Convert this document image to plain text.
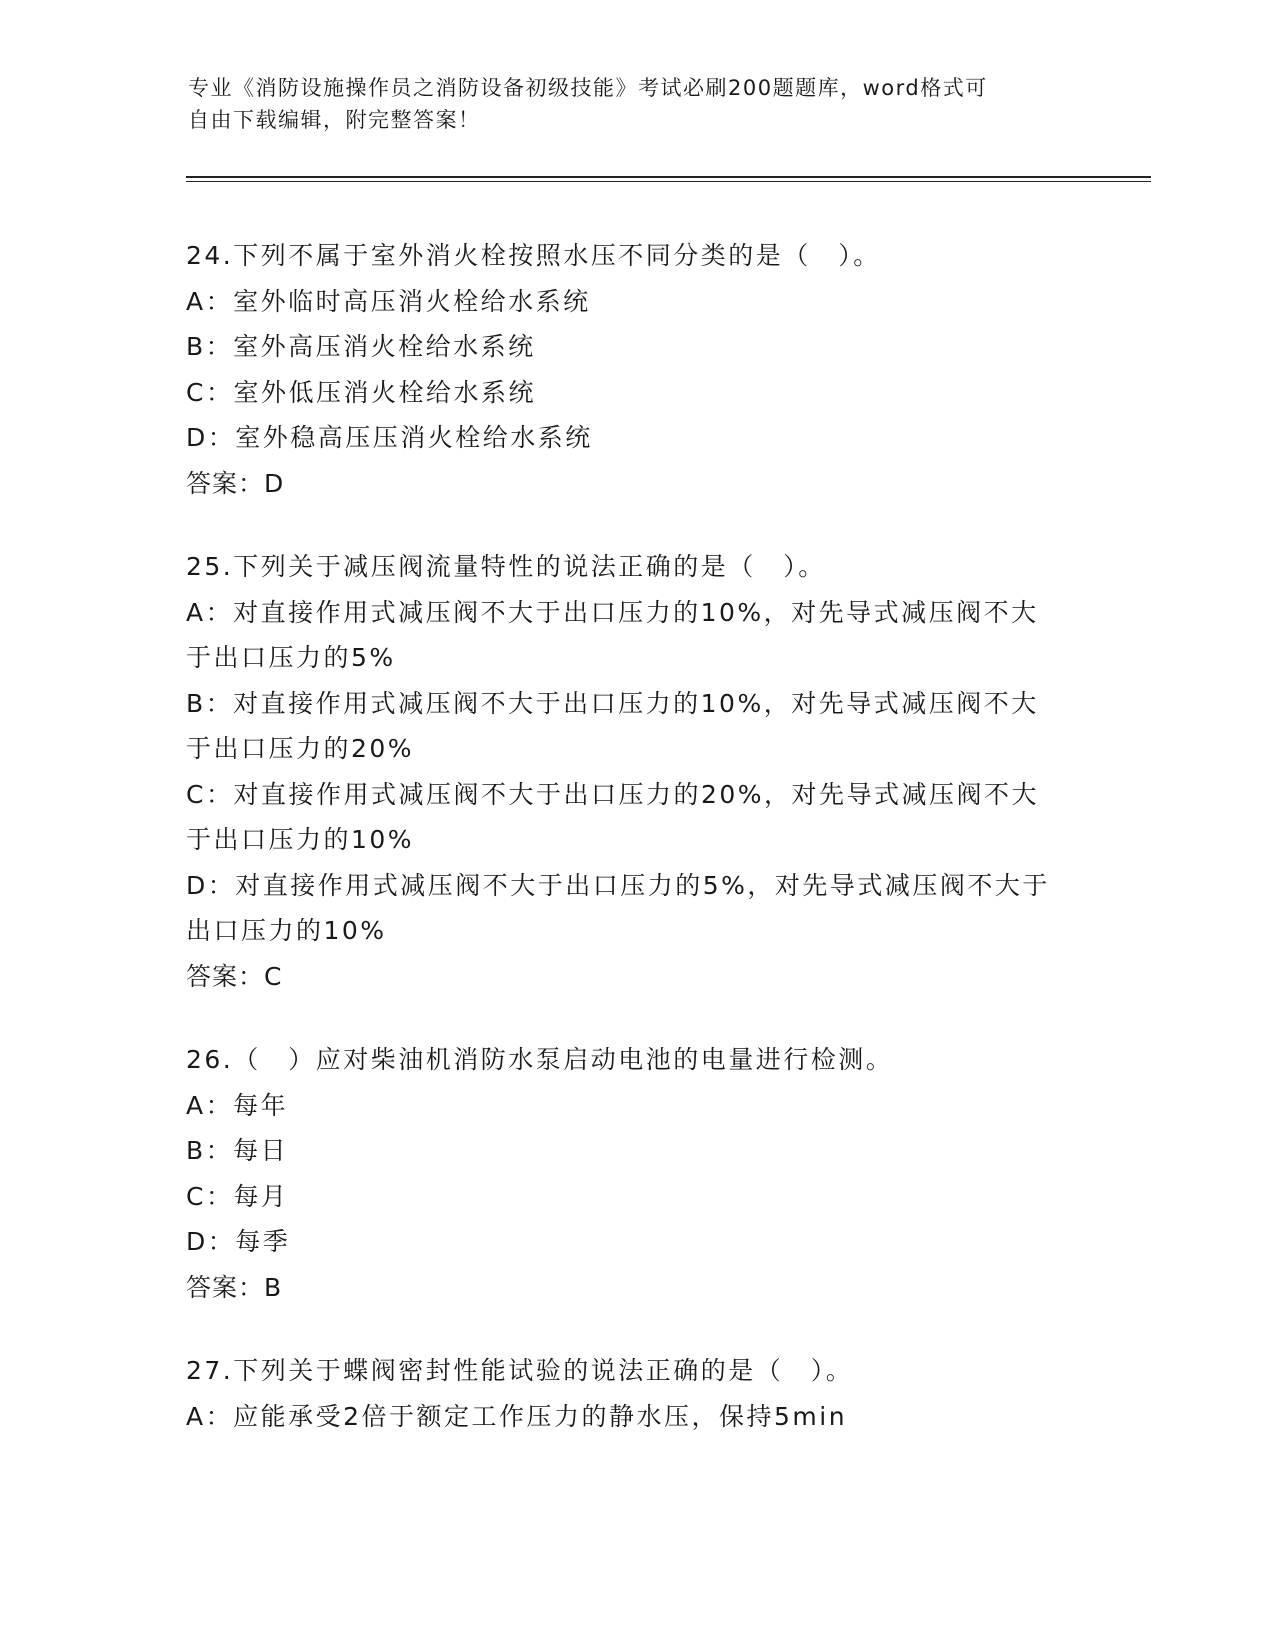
专业《消防设施操作员之消防设备初级技能》考试必刷200题题库，word格式可
自由下载编辑，附完整答案！
24.下列不属于室外消火栓按照水压不同分类的是（　）。
A：室外临时高压消火栓给水系统
B：室外高压消火栓给水系统
C：室外低压消火栓给水系统
D：室外稳高压压消火栓给水系统
答案：D
25.下列关于减压阀流量特性的说法正确的是（　）。
A：对直接作用式减压阀不大于出口压力的10%，对先导式减压阀不大
于出口压力的5%
B：对直接作用式减压阀不大于出口压力的10%，对先导式减压阀不大
于出口压力的20%
C：对直接作用式减压阀不大于出口压力的20%，对先导式减压阀不大
于出口压力的10%
D：对直接作用式减压阀不大于出口压力的5%，对先导式减压阀不大于
出口压力的10%
答案：C
26.（　）应对柴油机消防水泵启动电池的电量进行检测。
A：每年
B：每日
C：每月
D：每季
答案：B
27.下列关于蝶阀密封性能试验的说法正确的是（　）。
A：应能承受2倍于额定工作压力的静水压，保持5min
